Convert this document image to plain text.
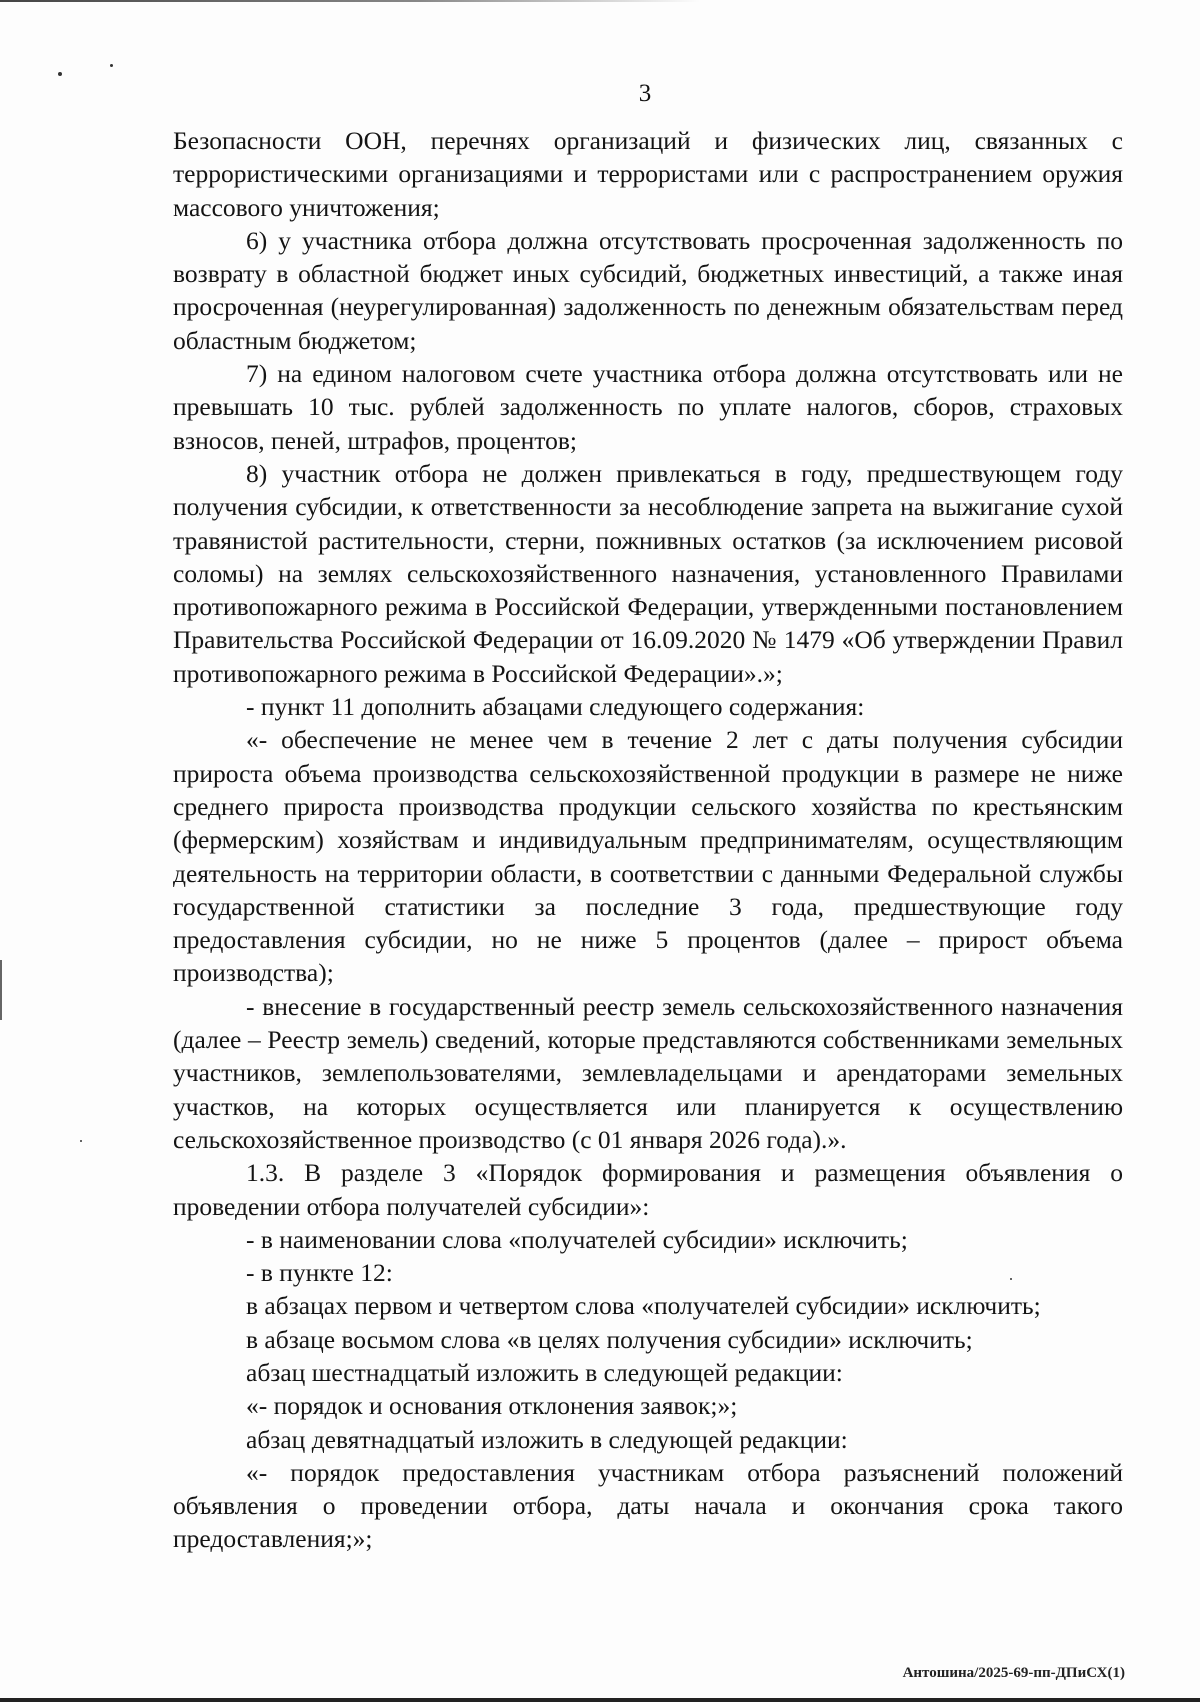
3

Безопасности ООН, перечнях организаций и физических лиц, связанных с террористическими организациями и террористами или с распространением оружия массового уничтожения;

6) у участника отбора должна отсутствовать просроченная задолженность по возврату в областной бюджет иных субсидий, бюджетных инвестиций, а также иная просроченная (неурегулированная) задолженность по денежным обязательствам перед областным бюджетом;

7) на едином налоговом счете участника отбора должна отсутствовать или не превышать 10 тыс. рублей задолженность по уплате налогов, сборов, страховых взносов, пеней, штрафов, процентов;

8) участник отбора не должен привлекаться в году, предшествующем году получения субсидии, к ответственности за несоблюдение запрета на выжигание сухой травянистой растительности, стерни, пожнивных остатков (за исключением рисовой соломы) на землях сельскохозяйственного назначения, установленного Правилами противопожарного режима в Российской Федерации, утвержденными постановлением Правительства Российской Федерации от 16.09.2020 № 1479 «Об утверждении Правил противопожарного режима в Российской Федерации».»;

- пункт 11 дополнить абзацами следующего содержания:

«- обеспечение не менее чем в течение 2 лет с даты получения субсидии прироста объема производства сельскохозяйственной продукции в размере не ниже среднего прироста производства продукции сельского хозяйства по крестьянским (фермерским) хозяйствам и индивидуальным предпринимателям, осуществляющим деятельность на территории области, в соответствии с данными Федеральной службы государственной статистики за последние 3 года, предшествующие году предоставления субсидии, но не ниже 5 процентов (далее – прирост объема производства);

- внесение в государственный реестр земель сельскохозяйственного назначения (далее – Реестр земель) сведений, которые представляются собственниками земельных участников, землепользователями, землевладельцами и арендаторами земельных участков, на которых осуществляется или планируется к осуществлению сельскохозяйственное производство (с 01 января 2026 года).».

1.3. В разделе 3 «Порядок формирования и размещения объявления о проведении отбора получателей субсидии»:

- в наименовании слова «получателей субсидии» исключить;

- в пункте 12:

в абзацах первом и четвертом слова «получателей субсидии» исключить;

в абзаце восьмом слова «в целях получения субсидии» исключить;

абзац шестнадцатый изложить в следующей редакции:

«- порядок и основания отклонения заявок;»;

абзац девятнадцатый изложить в следующей редакции:

«- порядок предоставления участникам отбора разъяснений положений объявления о проведении отбора, даты начала и окончания срока такого предоставления;»;

Антошина/2025-69-пп-ДПиСХ(1)
